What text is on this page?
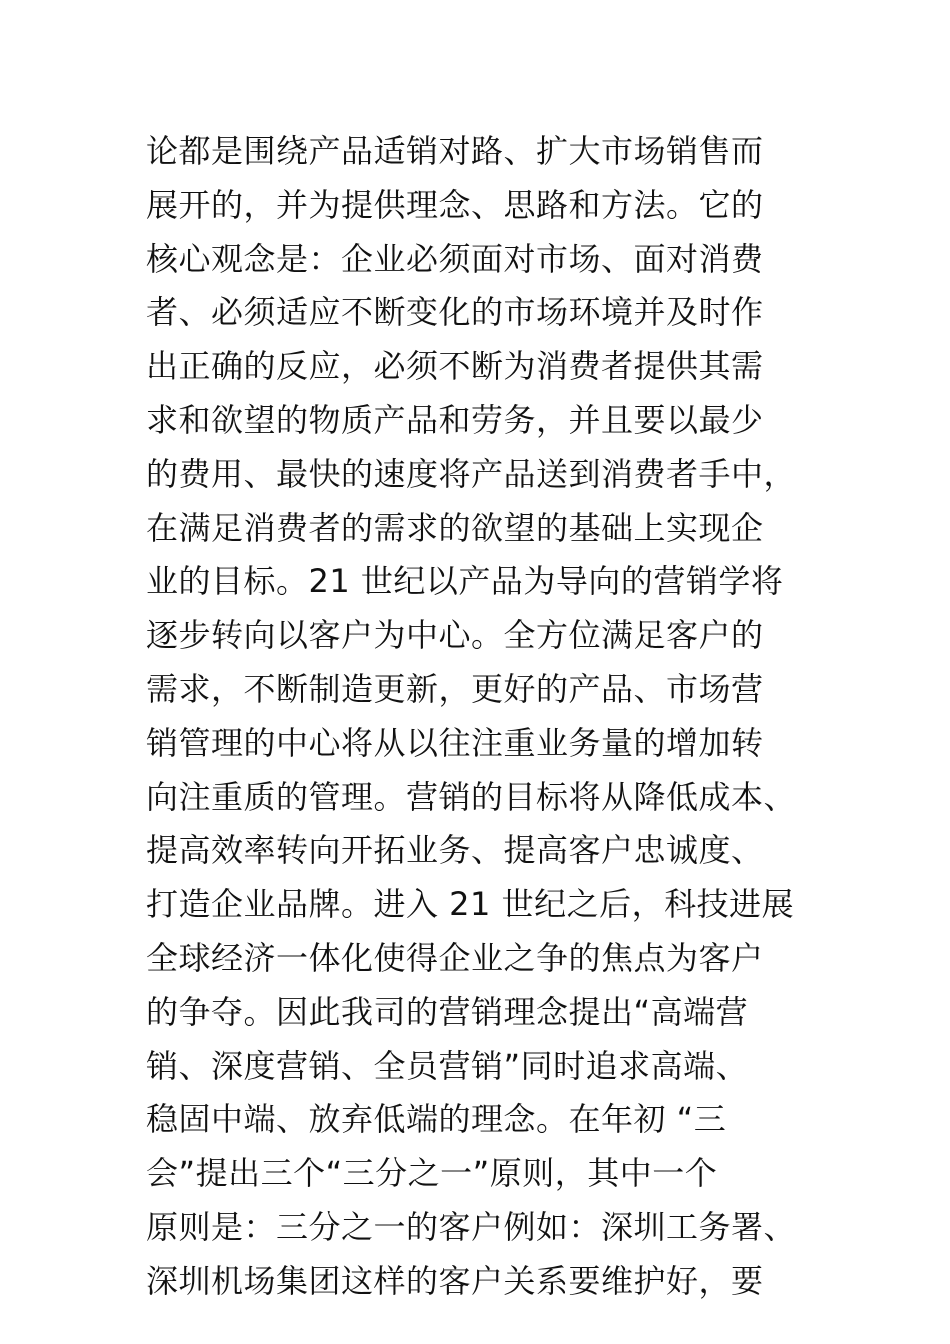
论都是围绕产品适销对路、扩大市场销售而
展开的，并为提供理念、思路和方法。它的
核心观念是：企业必须面对市场、面对消费
者、必须适应不断变化的市场环境并及时作
出正确的反应，必须不断为消费者提供其需
求和欲望的物质产品和劳务，并且要以最少
的费用、最快的速度将产品送到消费者手中，
在满足消费者的需求的欲望的基础上实现企
业的目标。21 世纪以产品为导向的营销学将
逐步转向以客户为中心。全方位满足客户的
需求，不断制造更新，更好的产品、市场营
销管理的中心将从以往注重业务量的增加转
向注重质的管理。营销的目标将从降低成本、
提高效率转向开拓业务、提高客户忠诚度、
打造企业品牌。进入 21 世纪之后，科技进展
全球经济一体化使得企业之争的焦点为客户
的争夺。因此我司的营销理念提出“高端营
销、深度营销、全员营销”同时追求高端、
稳固中端、放弃低端的理念。在年初 “三
会”提出三个“三分之一”原则，其中一个
原则是：三分之一的客户例如：深圳工务署、
深圳机场集团这样的客户关系要维护好，要
